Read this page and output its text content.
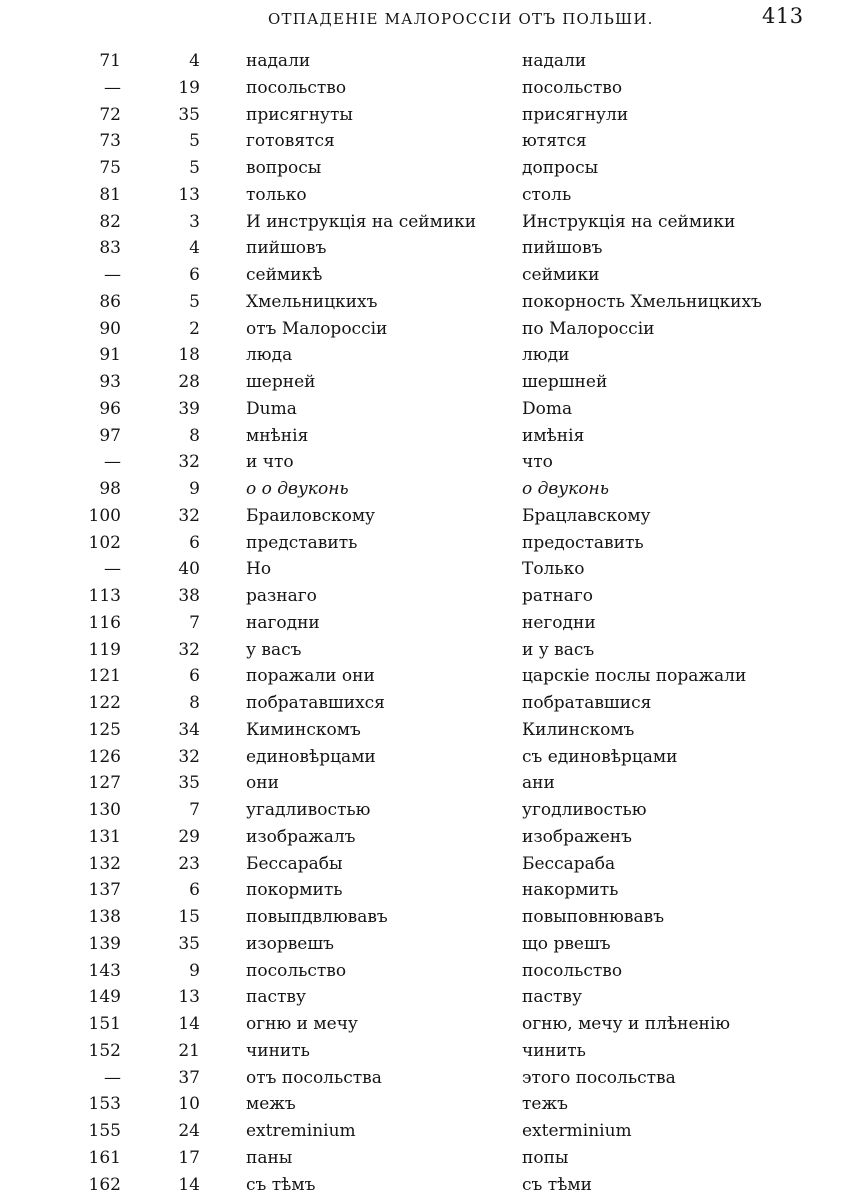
ОТПАДЕНІЕ МАЛОРОССІИ ОТЪ ПОЛЬШИ.	413
71	4	надали	надали
—	19	посольство	посольство
72	35	присягнуты	присягнули
73	5	готовятся	ютятся
75	5	вопросы	допросы
81	13	только	столь
82	3	И инструкція на сеймики	Инструкція на сеймики
83	4	пийшовъ	пийшовъ
—	6	сеймикѣ	сеймики
86	5	Хмельницкихъ	покорность Хмельницкихъ
90	2	отъ Малороссіи	по Малороссіи
91	18	люда	люди
93	28	шерней	шершней
96	39	Duma	Doma
97	8	мнѣнія	имѣнія
—	32	и что	что
98	9	о о двуконь	о двуконь
100	32	Браиловскому	Брацлавскому
102	6	представить	предоставить
—	40	Но	Только
113	38	разнаго	ратнаго
116	7	нагодни	негодни
119	32	у васъ	и у васъ
121	6	поражали они	царскіе послы поражали
122	8	побратавшихся	побратавшися
125	34	Киминскомъ	Килинскомъ
126	32	единовѣрцами	съ единовѣрцами
127	35	они	ани
130	7	угадливостью	угодливостью
131	29	изображалъ	изображенъ
132	23	Бессарабы	Бессараба
137	6	покормить	накормить
138	15	повыпдвлювавъ	повыповнювавъ
139	35	изорвешъ	що рвешъ
143	9	посольство	посольство
149	13	паству	паству
151	14	огню и мечу	огню, мечу и плѣненію
152	21	чинить	чинить
—	37	отъ посольства	этого посольства
153	10	межъ	тежъ
155	24	extreminium	exterminium
161	17	паны	попы
162	14	съ тѣмъ	съ тѣми
